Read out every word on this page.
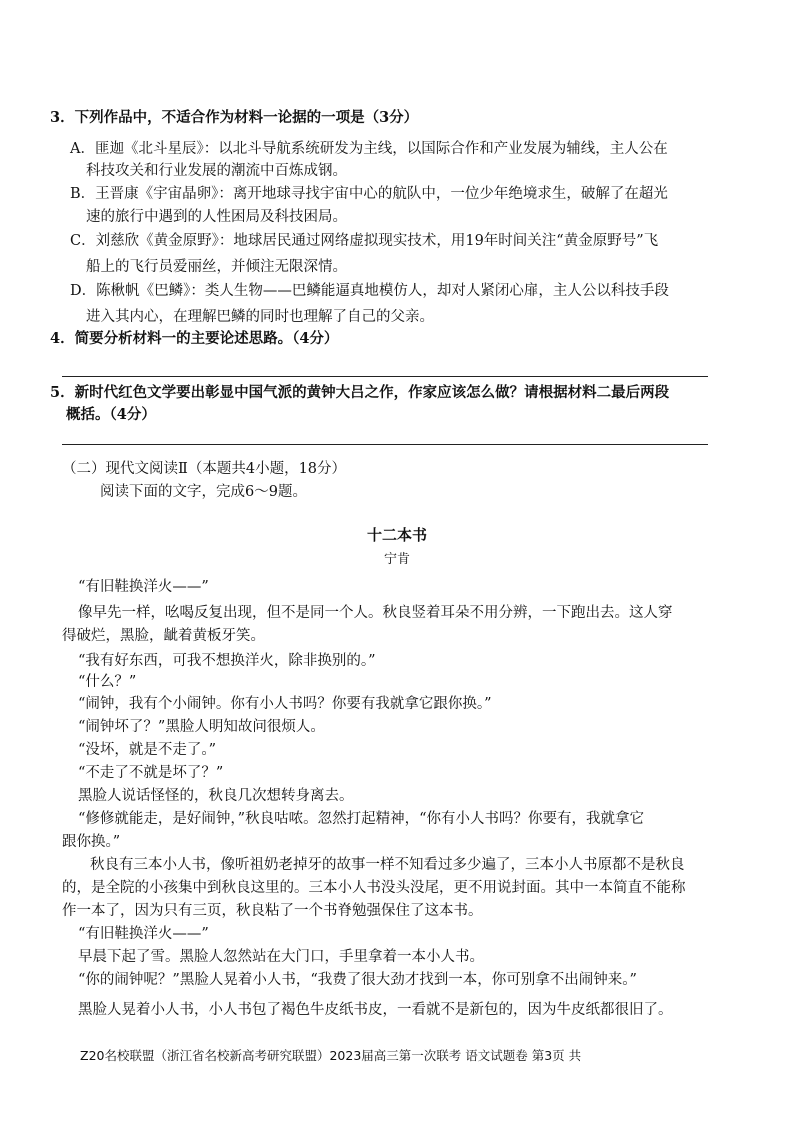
3．下列作品中，不适合作为材料一论据的一项是（3分）
A．匪迦《北斗星辰》：以北斗导航系统研发为主线，以国际合作和产业发展为辅线，主人公在
科技攻关和行业发展的潮流中百炼成钢。
B．王晋康《宇宙晶卵》：离开地球寻找宇宙中心的航队中，一位少年绝境求生，破解了在超光
速的旅行中遇到的人性困局及科技困局。
C．刘慈欣《黄金原野》：地球居民通过网络虚拟现实技术，用19年时间关注“黄金原野号”飞
船上的飞行员爱丽丝，并倾注无限深情。
D．陈楸帆《巴鳞》：类人生物——巴鳞能逼真地模仿人，却对人紧闭心扉，主人公以科技手段
进入其内心，在理解巴鳞的同时也理解了自己的父亲。
4．简要分析材料一的主要论述思路。（4分）
5．新时代红色文学要出彰显中国气派的黄钟大吕之作，作家应该怎么做？请根据材料二最后两段
概括。（4分）
（二）现代文阅读Ⅱ（本题共4小题，18分）
阅读下面的文字，完成6～9题。
十二本书
宁肯
“有旧鞋换洋火——”
像早先一样，吆喝反复出现，但不是同一个人。秋良竖着耳朵不用分辨，一下跑出去。这人穿
得破烂，黑脸，龇着黄板牙笑。
“我有好东西，可我不想换洋火，除非换别的。”
“什么？”
“闹钟，我有个小闹钟。你有小人书吗？你要有我就拿它跟你换。”
“闹钟坏了？”黑脸人明知故问很烦人。
“没坏，就是不走了。”
“不走了不就是坏了？”
黑脸人说话怪怪的，秋良几次想转身离去。
“修修就能走，是好闹钟，”秋良咕哝。忽然打起精神，“你有小人书吗？你要有，我就拿它
跟你换。”
秋良有三本小人书，像听祖奶老掉牙的故事一样不知看过多少遍了，三本小人书原都不是秋良
的，是全院的小孩集中到秋良这里的。三本小人书没头没尾，更不用说封面。其中一本简直不能称
作一本了，因为只有三页，秋良粘了一个书脊勉强保住了这本书。
“有旧鞋换洋火——”
早晨下起了雪。黑脸人忽然站在大门口，手里拿着一本小人书。
“你的闹钟呢？”黑脸人晃着小人书，“我费了很大劲才找到一本，你可别拿不出闹钟来。”
黑脸人晃着小人书，小人书包了褐色牛皮纸书皮，一看就不是新包的，因为牛皮纸都很旧了。
Z20名校联盟（浙江省名校新高考研究联盟）2023届高三第一次联考 语文试题卷 第3页 共
